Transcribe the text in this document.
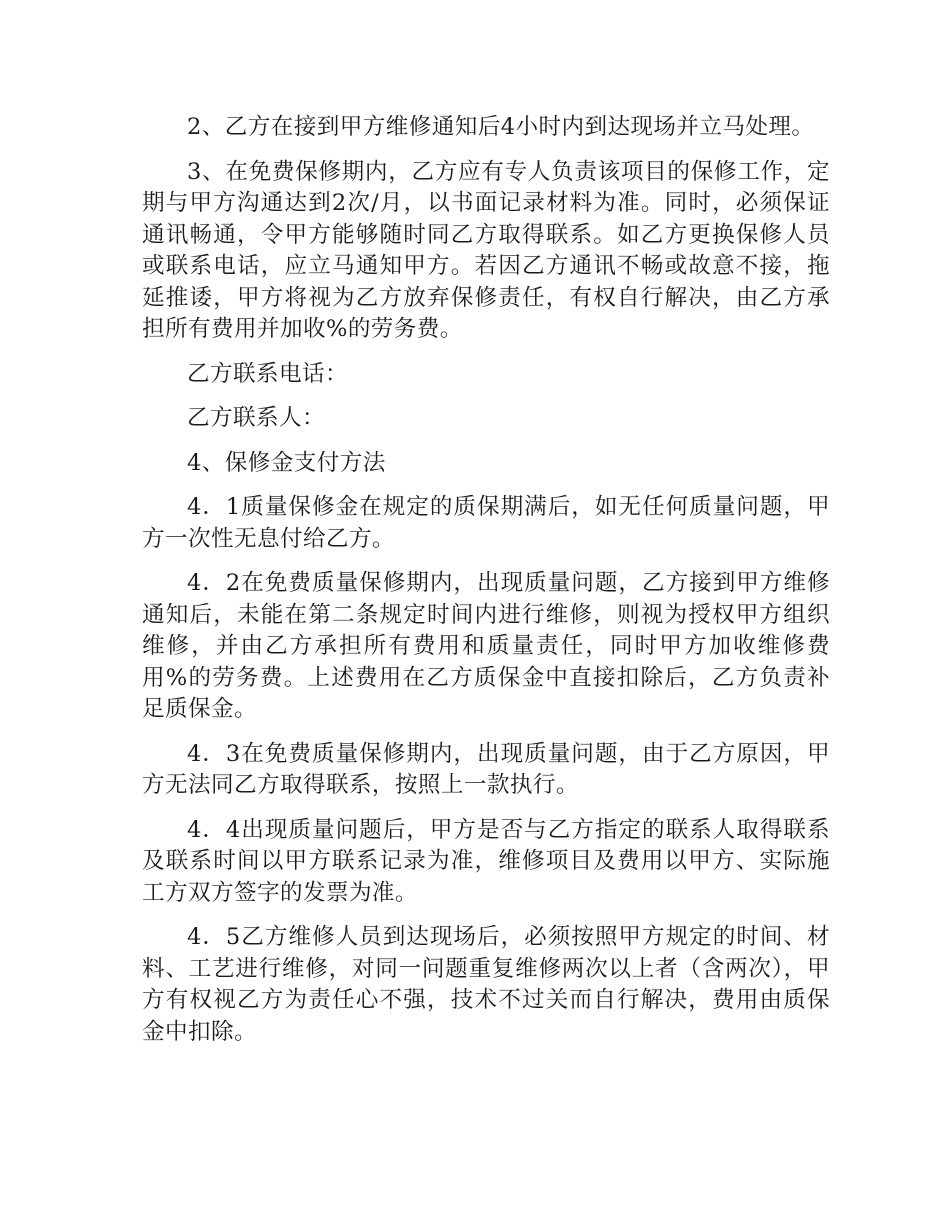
2、乙方在接到甲方维修通知后4小时内到达现场并立马处理。

3、在免费保修期内，乙方应有专人负责该项目的保修工作，定期与甲方沟通达到2次/月，以书面记录材料为准。同时，必须保证通讯畅通，令甲方能够随时同乙方取得联系。如乙方更换保修人员或联系电话，应立马通知甲方。若因乙方通讯不畅或故意不接，拖延推诿，甲方将视为乙方放弃保修责任，有权自行解决，由乙方承担所有费用并加收%的劳务费。

乙方联系电话：

乙方联系人：

4、保修金支付方法

4．1质量保修金在规定的质保期满后，如无任何质量问题，甲方一次性无息付给乙方。

4．2在免费质量保修期内，出现质量问题，乙方接到甲方维修通知后，未能在第二条规定时间内进行维修，则视为授权甲方组织维修，并由乙方承担所有费用和质量责任，同时甲方加收维修费用%的劳务费。上述费用在乙方质保金中直接扣除后，乙方负责补足质保金。

4．3在免费质量保修期内，出现质量问题，由于乙方原因，甲方无法同乙方取得联系，按照上一款执行。

4．4出现质量问题后，甲方是否与乙方指定的联系人取得联系及联系时间以甲方联系记录为准，维修项目及费用以甲方、实际施工方双方签字的发票为准。

4．5乙方维修人员到达现场后，必须按照甲方规定的时间、材料、工艺进行维修，对同一问题重复维修两次以上者（含两次），甲方有权视乙方为责任心不强，技术不过关而自行解决，费用由质保金中扣除。
